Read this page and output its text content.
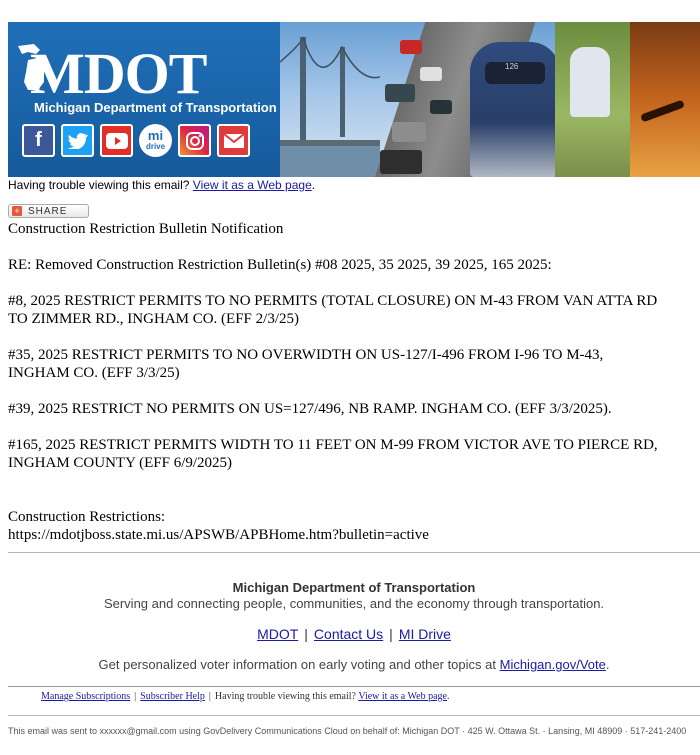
MDOT
Michigan Department of Transportation
f	mi
drive
126
Having trouble viewing this email? View it as a Web page.
+ SHARE
Construction Restriction Bulletin Notification
RE: Removed Construction Restriction Bulletin(s) #08 2025, 35 2025, 39 2025, 165 2025:
#8, 2025 RESTRICT PERMITS TO NO PERMITS (TOTAL CLOSURE) ON M-43 FROM VAN ATTA RD
TO ZIMMER RD., INGHAM CO. (EFF 2/3/25)
#35, 2025 RESTRICT PERMITS TO NO OVERWIDTH ON US-127/I-496 FROM I-96 TO M-43,
INGHAM CO. (EFF 3/3/25)
#39, 2025 RESTRICT NO PERMITS ON US=127/496, NB RAMP. INGHAM CO. (EFF 3/3/2025).
#165, 2025 RESTRICT PERMITS WIDTH TO 11 FEET ON M-99 FROM VICTOR AVE TO PIERCE RD,
INGHAM COUNTY (EFF 6/9/2025)
Construction Restrictions:
https://mdotjboss.state.mi.us/APSWB/APBHome.htm?bulletin=active
Michigan Department of Transportation
Serving and connecting people, communities, and the economy through transportation.
MDOT | Contact Us | MI Drive
Get personalized voter information on early voting and other topics at Michigan.gov/Vote.
Manage Subscriptions | Subscriber Help | Having trouble viewing this email? View it as a Web page.
This email was sent to xxxxxx@gmail.com using GovDelivery Communications Cloud on behalf of: Michigan DOT · 425 W. Ottawa St. · Lansing, MI 48909 · 517-241-2400
